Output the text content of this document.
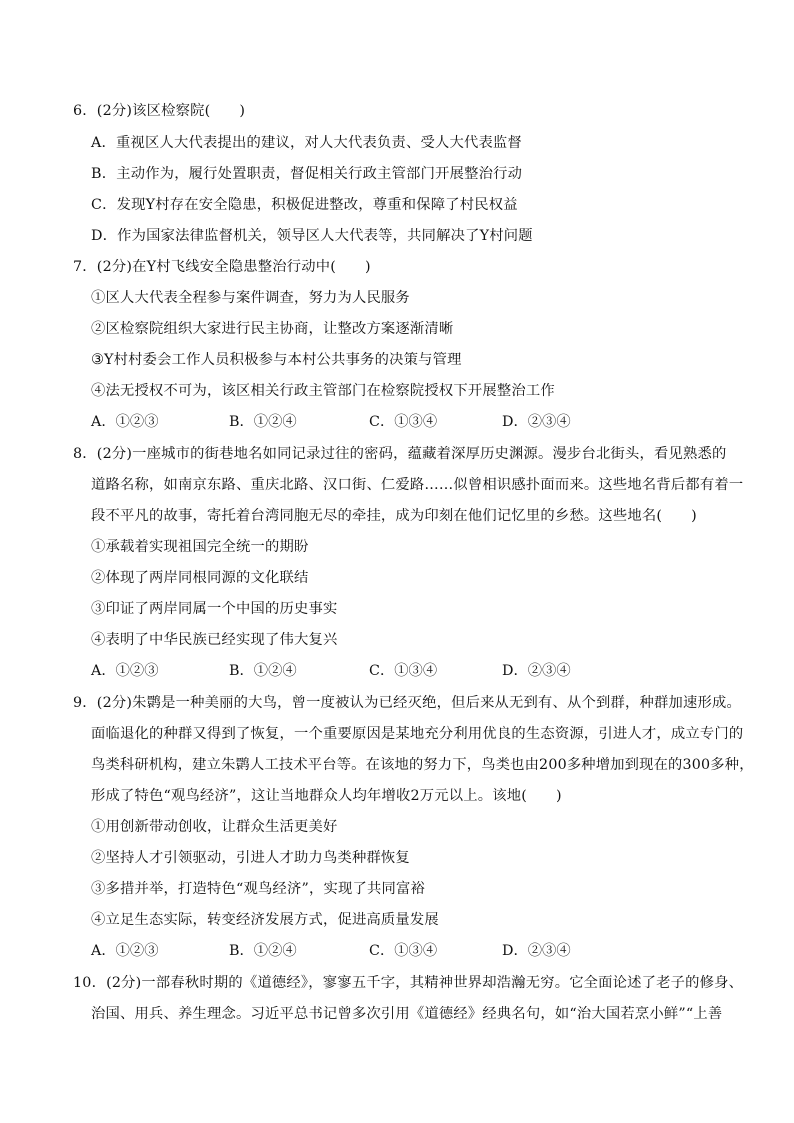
6．(2分)该区检察院(　　)
A．重视区人大代表提出的建议，对人大代表负责、受人大代表监督
B．主动作为，履行处置职责，督促相关行政主管部门开展整治行动
C．发现Y村存在安全隐患，积极促进整改，尊重和保障了村民权益
D．作为国家法律监督机关，领导区人大代表等，共同解决了Y村问题
7．(2分)在Y村飞线安全隐患整治行动中(　　)
①区人大代表全程参与案件调查，努力为人民服务
②区检察院组织大家进行民主协商，让整改方案逐渐清晰
③Y村村委会工作人员积极参与本村公共事务的决策与管理
④法无授权不可为，该区相关行政主管部门在检察院授权下开展整治工作
A．①②③	B．①②④	C．①③④	D．②③④
8．(2分)一座城市的街巷地名如同记录过往的密码，蕴藏着深厚历史渊源。漫步台北街头，看见熟悉的
道路名称，如南京东路、重庆北路、汉口街、仁爱路……似曾相识感扑面而来。这些地名背后都有着一
段不平凡的故事，寄托着台湾同胞无尽的牵挂，成为印刻在他们记忆里的乡愁。这些地名(　　)
①承载着实现祖国完全统一的期盼
②体现了两岸同根同源的文化联结
③印证了两岸同属一个中国的历史事实
④表明了中华民族已经实现了伟大复兴
A．①②③	B．①②④	C．①③④	D．②③④
9．(2分)朱鹮是一种美丽的大鸟，曾一度被认为已经灭绝，但后来从无到有、从个到群，种群加速形成。
面临退化的种群又得到了恢复，一个重要原因是某地充分利用优良的生态资源，引进人才，成立专门的
鸟类科研机构，建立朱鹮人工技术平台等。在该地的努力下，鸟类也由200多种增加到现在的300多种，
形成了特色“观鸟经济”，这让当地群众人均年增收2万元以上。该地(　　)
①用创新带动创收，让群众生活更美好
②坚持人才引领驱动，引进人才助力鸟类种群恢复
③多措并举，打造特色“观鸟经济”，实现了共同富裕
④立足生态实际，转变经济发展方式，促进高质量发展
A．①②③	B．①②④	C．①③④	D．②③④
10．(2分)一部春秋时期的《道德经》，寥寥五千字，其精神世界却浩瀚无穷。它全面论述了老子的修身、
治国、用兵、养生理念。习近平总书记曾多次引用《道德经》经典名句，如“治大国若烹小鲜”“上善
